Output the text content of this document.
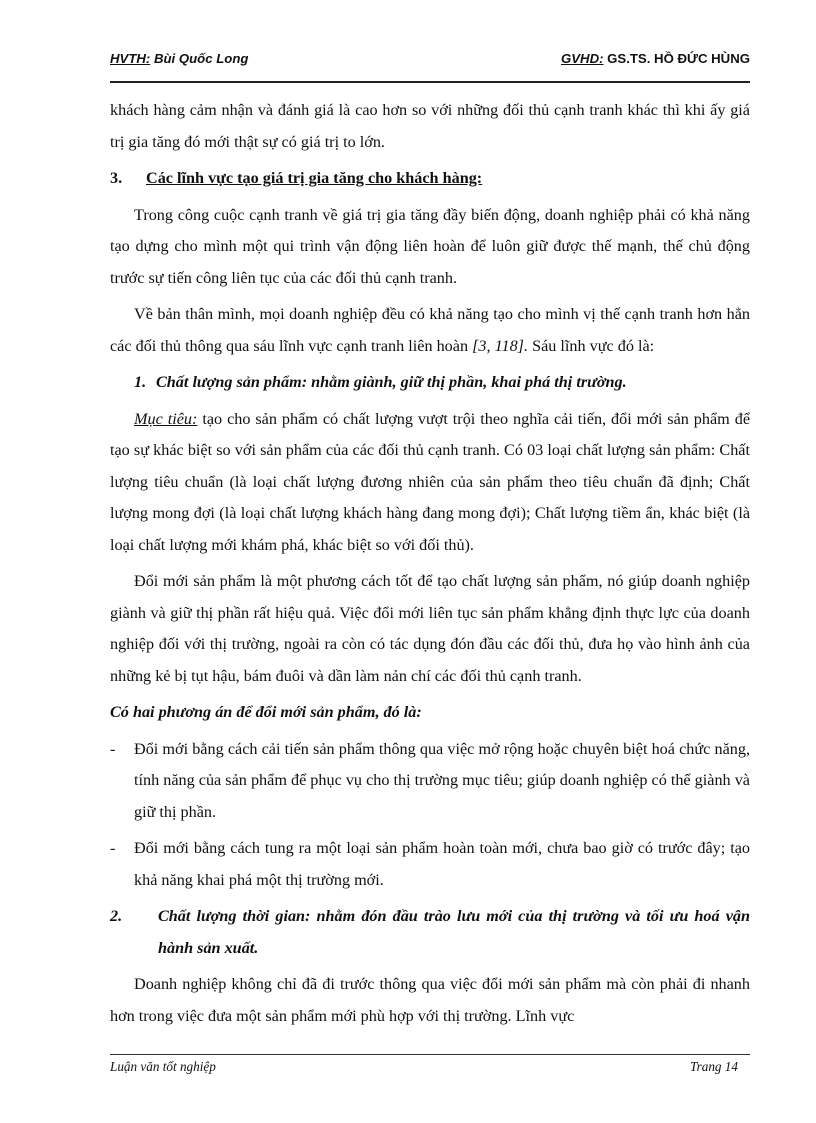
HVTH: Bùi Quốc Long	GVHD: GS.TS. HỒ ĐỨC HÙNG

khách hàng cảm nhận và đánh giá là cao hơn so với những đối thủ cạnh tranh khác thì khi ấy giá trị gia tăng đó mới thật sự có giá trị to lớn.

3.	Các lĩnh vực tạo giá trị gia tăng cho khách hàng:

Trong công cuộc cạnh tranh về giá trị gia tăng đầy biến động, doanh nghiệp phải có khả năng tạo dựng cho mình một qui trình vận động liên hoàn để luôn giữ được thế mạnh, thế chủ động trước sự tiến công liên tục của các đối thủ cạnh tranh.

Về bản thân mình, mọi doanh nghiệp đều có khả năng tạo cho mình vị thế cạnh tranh hơn hẳn các đối thủ thông qua sáu lĩnh vực cạnh tranh liên hoàn [3, 118]. Sáu lĩnh vực đó là:

1. Chất lượng sản phẩm: nhằm giành, giữ thị phần, khai phá thị trường.

Mục tiêu: tạo cho sản phẩm có chất lượng vượt trội theo nghĩa cải tiến, đổi mới sản phẩm để tạo sự khác biệt so với sản phẩm của các đối thủ cạnh tranh. Có 03 loại chất lượng sản phẩm: Chất lượng tiêu chuẩn (là loại chất lượng đương nhiên của sản phẩm theo tiêu chuẩn đã định; Chất lượng mong đợi (là loại chất lượng khách hàng đang mong đợi); Chất lượng tiềm ẩn, khác biệt (là loại chất lượng mới khám phá, khác biệt so với đối thủ).

Đổi mới sản phẩm là một phương cách tốt để tạo chất lượng sản phẩm, nó giúp doanh nghiệp giành và giữ thị phần rất hiệu quả. Việc đổi mới liên tục sản phẩm khẳng định thực lực của doanh nghiệp đối với thị trường, ngoài ra còn có tác dụng đón đầu các đối thủ, đưa họ vào hình ảnh của những kẻ bị tụt hậu, bám đuôi và dần làm nản chí các đối thủ cạnh tranh.

Có hai phương án để đổi mới sản phẩm, đó là:
-	Đổi mới bằng cách cải tiến sản phẩm thông qua việc mở rộng hoặc chuyên biệt hoá chức năng, tính năng của sản phẩm để phục vụ cho thị trường mục tiêu; giúp doanh nghiệp có thể giành và giữ thị phần.
-	Đổi mới bằng cách tung ra một loại sản phẩm hoàn toàn mới, chưa bao giờ có trước đây; tạo khả năng khai phá một thị trường mới.
2.	Chất lượng thời gian: nhằm đón đầu trào lưu mới của thị trường và tối ưu hoá vận hành sản xuất.

Doanh nghiệp không chỉ đã đi trước thông qua việc đổi mới sản phẩm mà còn phải đi nhanh hơn trong việc đưa một sản phẩm mới phù hợp với thị trường. Lĩnh vực

Luận văn tốt nghiệp	Trang 14
